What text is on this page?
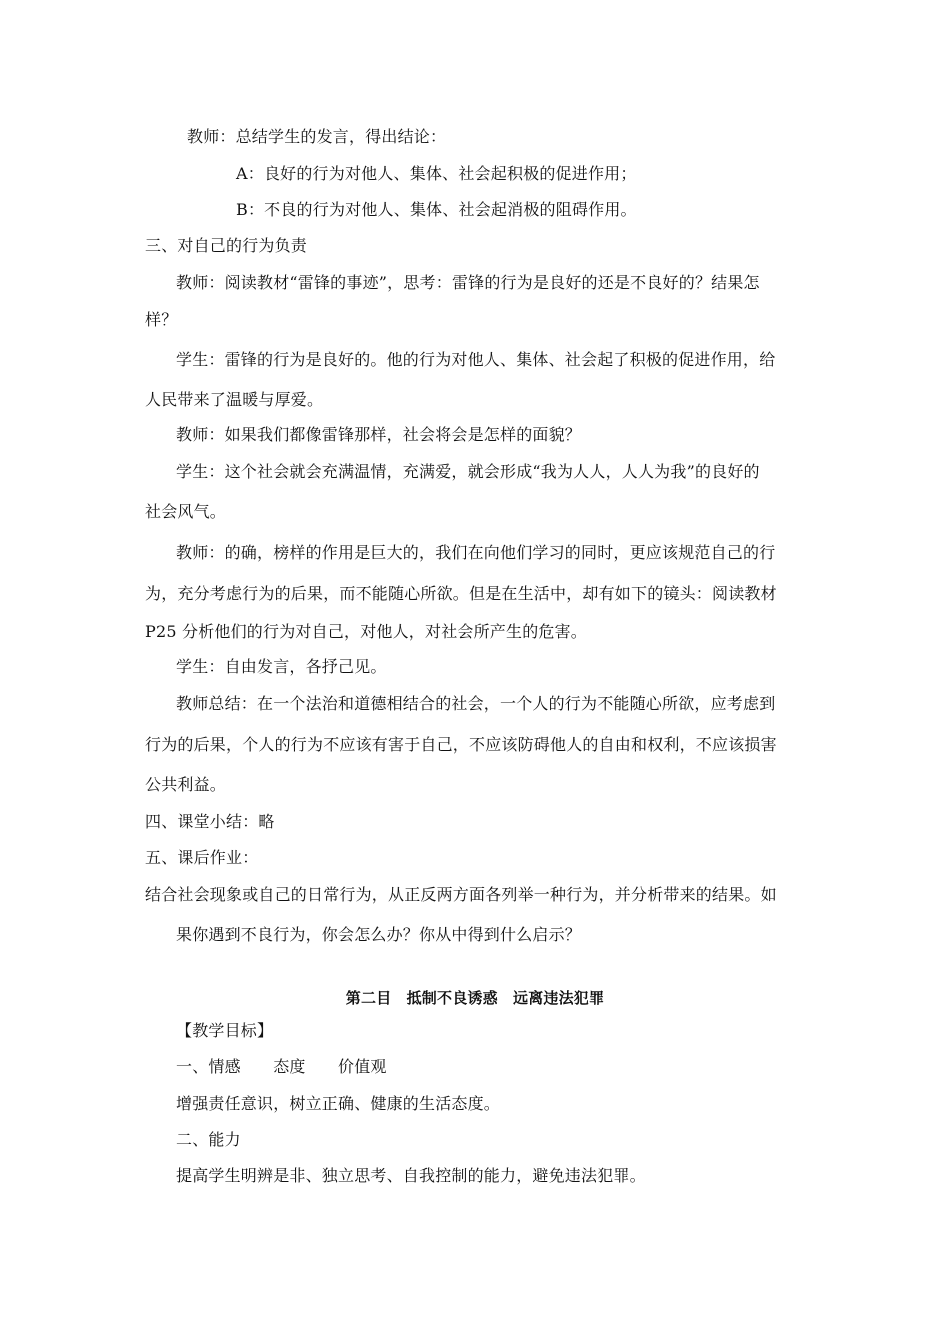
教师：总结学生的发言，得出结论：
A：良好的行为对他人、集体、社会起积极的促进作用；
B：不良的行为对他人、集体、社会起消极的阻碍作用。
三、对自己的行为负责
教师：阅读教材“雷锋的事迹”，思考：雷锋的行为是良好的还是不良好的？结果怎
样？
学生：雷锋的行为是良好的。他的行为对他人、集体、社会起了积极的促进作用，给
人民带来了温暖与厚爱。
教师：如果我们都像雷锋那样，社会将会是怎样的面貌？
学生：这个社会就会充满温情，充满爱，就会形成“我为人人，人人为我”的良好的
社会风气。
教师：的确，榜样的作用是巨大的，我们在向他们学习的同时，更应该规范自己的行
为，充分考虑行为的后果，而不能随心所欲。但是在生活中，却有如下的镜头：阅读教材
P25 分析他们的行为对自己，对他人，对社会所产生的危害。
学生：自由发言，各抒己见。
教师总结：在一个法治和道德相结合的社会，一个人的行为不能随心所欲，应考虑到
行为的后果，个人的行为不应该有害于自己，不应该防碍他人的自由和权利，不应该损害
公共利益。
四、课堂小结：略
五、课后作业：
结合社会现象或自己的日常行为，从正反两方面各列举一种行为，并分析带来的结果。如
果你遇到不良行为，你会怎么办？你从中得到什么启示？
第二目　抵制不良诱惑　远离违法犯罪
【教学目标】
一、情感　　态度　　价值观
增强责任意识，树立正确、健康的生活态度。
二、能力
提高学生明辨是非、独立思考、自我控制的能力，避免违法犯罪。
